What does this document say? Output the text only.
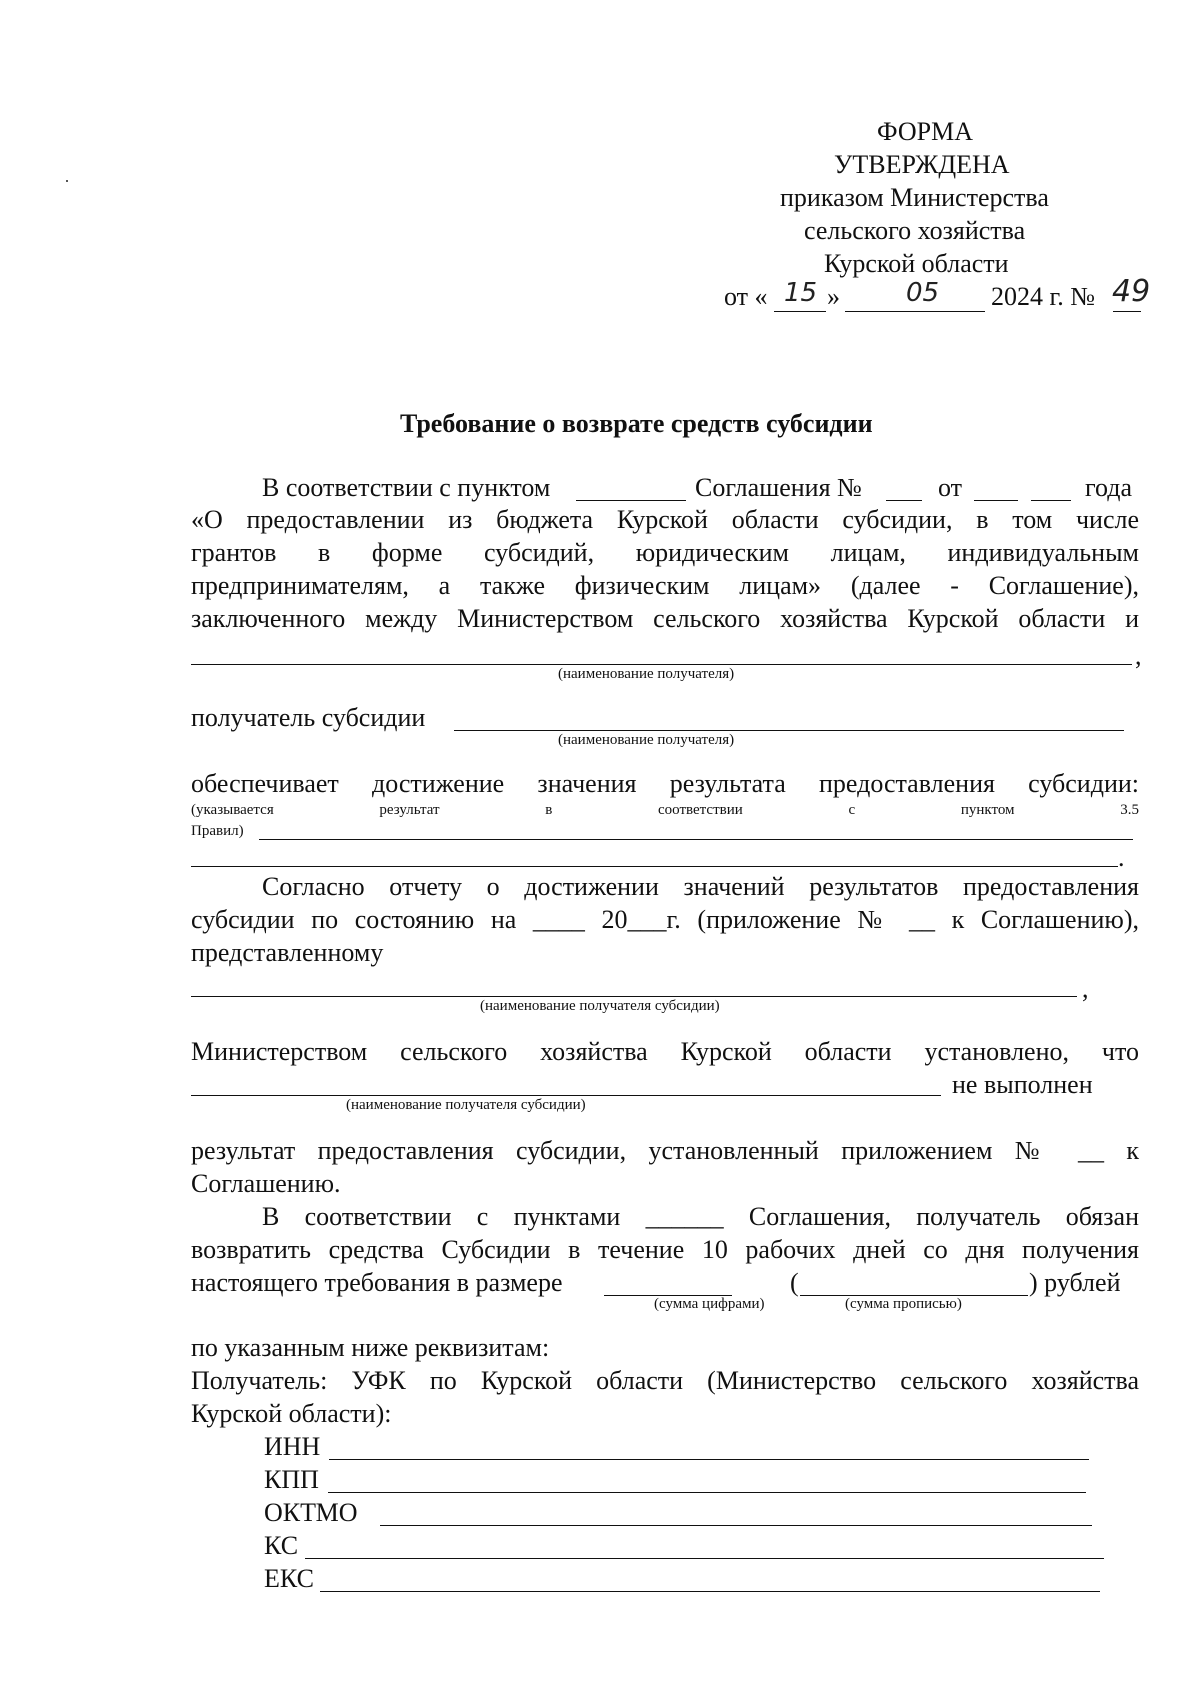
ФОРМА
УТВЕРЖДЕНА
приказом Министерства
сельского хозяйства
Курской области
от « 15 »	05 2024 г. № 49
Требование о возврате средств субсидии
В соответствии с пунктом	Соглашения №	от	года
«О предоставлении из бюджета Курской области субсидии, в том числе
грантов в форме субсидий, юридическим лицам, индивидуальным
предпринимателям, а также физическим лицам» (далее - Соглашение),
заключенного между Министерством сельского хозяйства Курской области и
,
(наименование получателя)
получатель субсидии
(наименование получателя)
обеспечивает достижение значения результата предоставления субсидии:
(указывается результат в соответствии с пунктом 3.5
Правил)
.
Согласно отчету о достижении значений результатов предоставления
субсидии по состоянию на ____ 20___г. (приложение № __ к Соглашению),
представленному
,
(наименование получателя субсидии)
Министерством сельского хозяйства Курской области установлено, что
не выполнен
(наименование получателя субсидии)
результат предоставления субсидии, установленный приложением № __ к
Соглашению.
В соответствии с пунктами ______ Соглашения, получатель обязан
возвратить средства Субсидии в течение 10 рабочих дней со дня получения
настоящего требования в размере	(	) рублей
(сумма цифрами)	(сумма прописью)
по указанным ниже реквизитам:
Получатель: УФК по Курской области (Министерство сельского хозяйства
Курской области):
ИНН
КПП
ОКТМО
КС
ЕКС
